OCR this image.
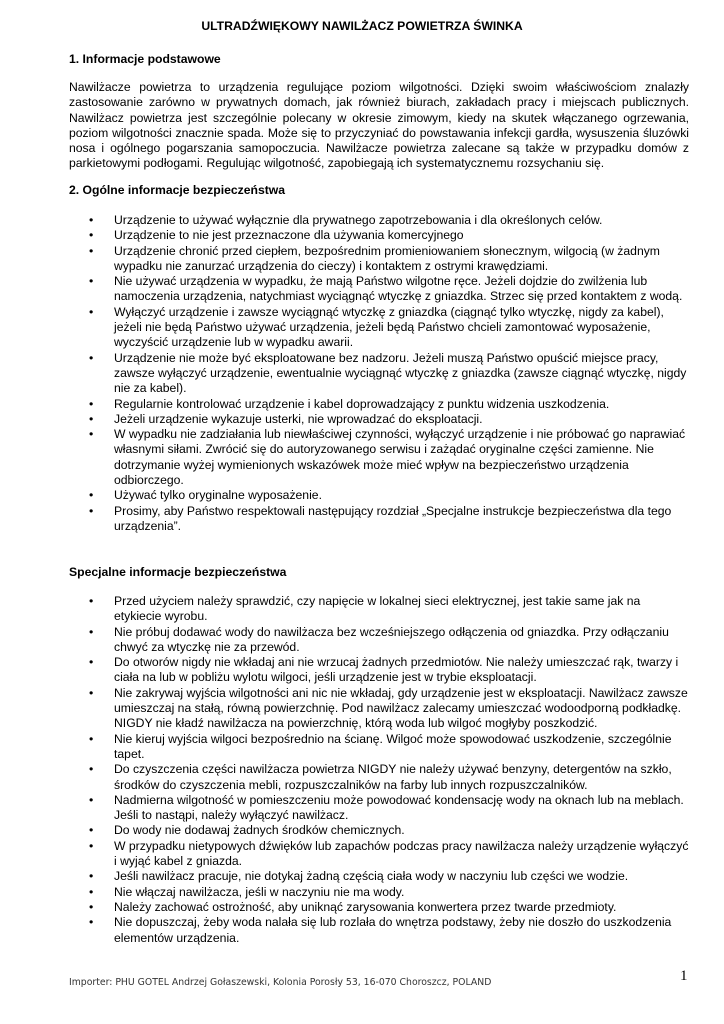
ULTRADŹWIĘKOWY NAWILŻACZ POWIETRZA ŚWINKA
1. Informacje podstawowe
Nawilżacze powietrza to urządzenia regulujące poziom wilgotności. Dzięki swoim właściwościom znalazły zastosowanie zarówno w prywatnych domach, jak również biurach, zakładach pracy i miejscach publicznych. Nawilżacz powietrza jest szczególnie polecany w okresie zimowym, kiedy na skutek włączanego ogrzewania, poziom wilgotności znacznie spada. Może się to przyczyniać do powstawania infekcji gardła, wysuszenia śluzówki nosa i ogólnego pogarszania samopoczucia. Nawilżacze powietrza zalecane są także w przypadku domów z parkietowymi podłogami. Regulując wilgotność, zapobiegają ich systematycznemu rozsychaniu się.
2. Ogólne informacje bezpieczeństwa
• Urządzenie to używać wyłącznie dla prywatnego zapotrzebowania i dla określonych celów.
• Urządzenie to nie jest przeznaczone dla używania komercyjnego
• Urządzenie chronić przed ciepłem, bezpośrednim promieniowaniem słonecznym, wilgocią (w żadnym wypadku nie zanurzać urządzenia do cieczy) i kontaktem z ostrymi krawędziami.
• Nie używać urządzenia w wypadku, że mają Państwo wilgotne ręce. Jeżeli dojdzie do zwilżenia lub namoczenia urządzenia, natychmiast wyciągnąć wtyczkę z gniazdka. Strzec się przed kontaktem z wodą.
• Wyłączyć urządzenie i zawsze wyciągnąć wtyczkę z gniazdka (ciągnąć tylko wtyczkę, nigdy za kabel), jeżeli nie będą Państwo używać urządzenia, jeżeli będą Państwo chcieli zamontować wyposażenie, wyczyścić urządzenie lub w wypadku awarii.
• Urządzenie nie może być eksploatowane bez nadzoru. Jeżeli muszą Państwo opuścić miejsce pracy, zawsze wyłączyć urządzenie, ewentualnie wyciągnąć wtyczkę z gniazdka (zawsze ciągnąć wtyczkę, nigdy nie za kabel).
• Regularnie kontrolować urządzenie i kabel doprowadzający z punktu widzenia uszkodzenia.
• Jeżeli urządzenie wykazuje usterki, nie wprowadzać do eksploatacji.
• W wypadku nie zadziałania lub niewłaściwej czynności, wyłączyć urządzenie i nie próbować go naprawiać własnymi siłami. Zwrócić się do autoryzowanego serwisu i zażądać oryginalne części zamienne. Nie dotrzymanie wyżej wymienionych wskazówek może mieć wpływ na bezpieczeństwo urządzenia odbiorczego.
• Używać tylko oryginalne wyposażenie.
• Prosimy, aby Państwo respektowali następujący rozdział „Specjalne instrukcje bezpieczeństwa dla tego urządzenia”.
Specjalne informacje bezpieczeństwa
• Przed użyciem należy sprawdzić, czy napięcie w lokalnej sieci elektrycznej, jest takie same jak na etykiecie wyrobu.
• Nie próbuj dodawać wody do nawilżacza bez wcześniejszego odłączenia od gniazdka. Przy odłączaniu chwyć za wtyczkę nie za przewód.
• Do otworów nigdy nie wkładaj ani nie wrzucaj żadnych przedmiotów. Nie należy umieszczać rąk, twarzy i ciała na lub w pobliżu wylotu wilgoci, jeśli urządzenie jest w trybie eksploatacji.
• Nie zakrywaj wyjścia wilgotności ani nic nie wkładaj, gdy urządzenie jest w eksploatacji. Nawilżacz zawsze umieszczaj na stałą, równą powierzchnię. Pod nawilżacz zalecamy umieszczać wodoodporną podkładkę. NIGDY nie kładź nawilżacza na powierzchnię, którą woda lub wilgoć mogłyby poszkodzić.
• Nie kieruj wyjścia wilgoci bezpośrednio na ścianę. Wilgoć może spowodować uszkodzenie, szczególnie tapet.
• Do czyszczenia części nawilżacza powietrza NIGDY nie należy używać benzyny, detergentów na szkło, środków do czyszczenia mebli, rozpuszczalników na farby lub innych rozpuszczalników.
• Nadmierna wilgotność w pomieszczeniu może powodować kondensację wody na oknach lub na meblach. Jeśli to nastąpi, należy wyłączyć nawilżacz.
• Do wody nie dodawaj żadnych środków chemicznych.
• W przypadku nietypowych dźwięków lub zapachów podczas pracy nawilżacza należy urządzenie wyłączyć i wyjąć kabel z gniazda.
• Jeśli nawilżacz pracuje, nie dotykaj żadną częścią ciała wody w naczyniu lub części we wodzie.
• Nie włączaj nawilżacza, jeśli w naczyniu nie ma wody.
• Należy zachować ostrożność, aby uniknąć zarysowania konwertera przez twarde przedmioty.
• Nie dopuszczaj, żeby woda nalała się lub rozlała do wnętrza podstawy, żeby nie doszło do uszkodzenia elementów urządzenia.
Importer: PHU GOTEL Andrzej Gołaszewski, Kolonia Porosły 53, 16-070 Choroszcz, POLAND	1
